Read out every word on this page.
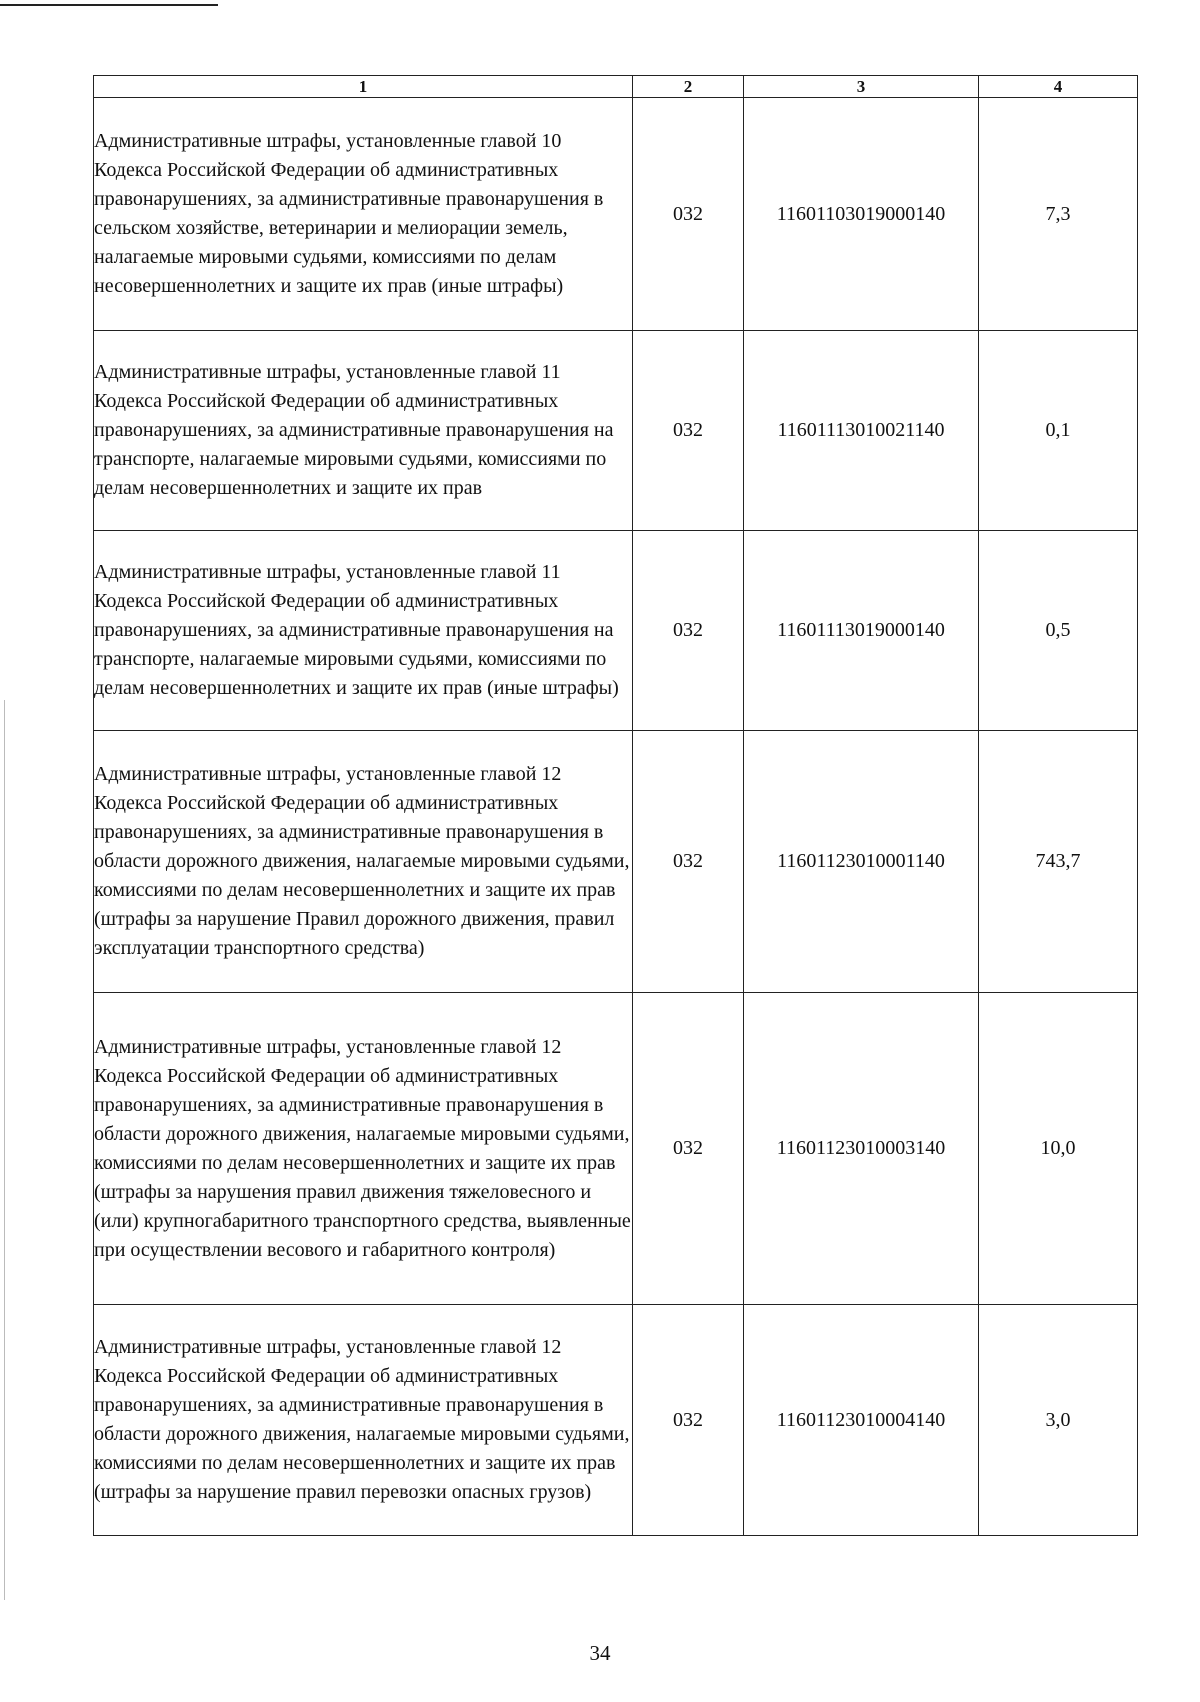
1	2	3	4
Административные штрафы, установленные главой 10 Кодекса Российской Федерации об административных правонарушениях, за административные правонарушения в сельском хозяйстве, ветеринарии и мелиорации земель, налагаемые мировыми судьями, комиссиями по делам несовершеннолетних и защите их прав (иные штрафы)	032	11601103019000140	7,3
Административные штрафы, установленные главой 11 Кодекса Российской Федерации об административных правонарушениях, за административные правонарушения на транспорте, налагаемые мировыми судьями, комиссиями по делам несовершеннолетних и защите их прав	032	11601113010021140	0,1
Административные штрафы, установленные главой 11 Кодекса Российской Федерации об административных правонарушениях, за административные правонарушения на транспорте, налагаемые мировыми судьями, комиссиями по делам несовершеннолетних и защите их прав (иные штрафы)	032	11601113019000140	0,5
Административные штрафы, установленные главой 12 Кодекса Российской Федерации об административных правонарушениях, за административные правонарушения в области дорожного движения, налагаемые мировыми судьями, комиссиями по делам несовершеннолетних и защите их прав (штрафы за нарушение Правил дорожного движения, правил эксплуатации транспортного средства)	032	11601123010001140	743,7
Административные штрафы, установленные главой 12 Кодекса Российской Федерации об административных правонарушениях, за административные правонарушения в области дорожного движения, налагаемые мировыми судьями, комиссиями по делам несовершеннолетних и защите их прав (штрафы за нарушения правил движения тяжеловесного и (или) крупногабаритного транспортного средства, выявленные при осуществлении весового и габаритного контроля)	032	11601123010003140	10,0
Административные штрафы, установленные главой 12 Кодекса Российской Федерации об административных правонарушениях, за административные правонарушения в области дорожного движения, налагаемые мировыми судьями, комиссиями по делам несовершеннолетних и защите их прав (штрафы за нарушение правил перевозки опасных грузов)	032	11601123010004140	3,0
34
